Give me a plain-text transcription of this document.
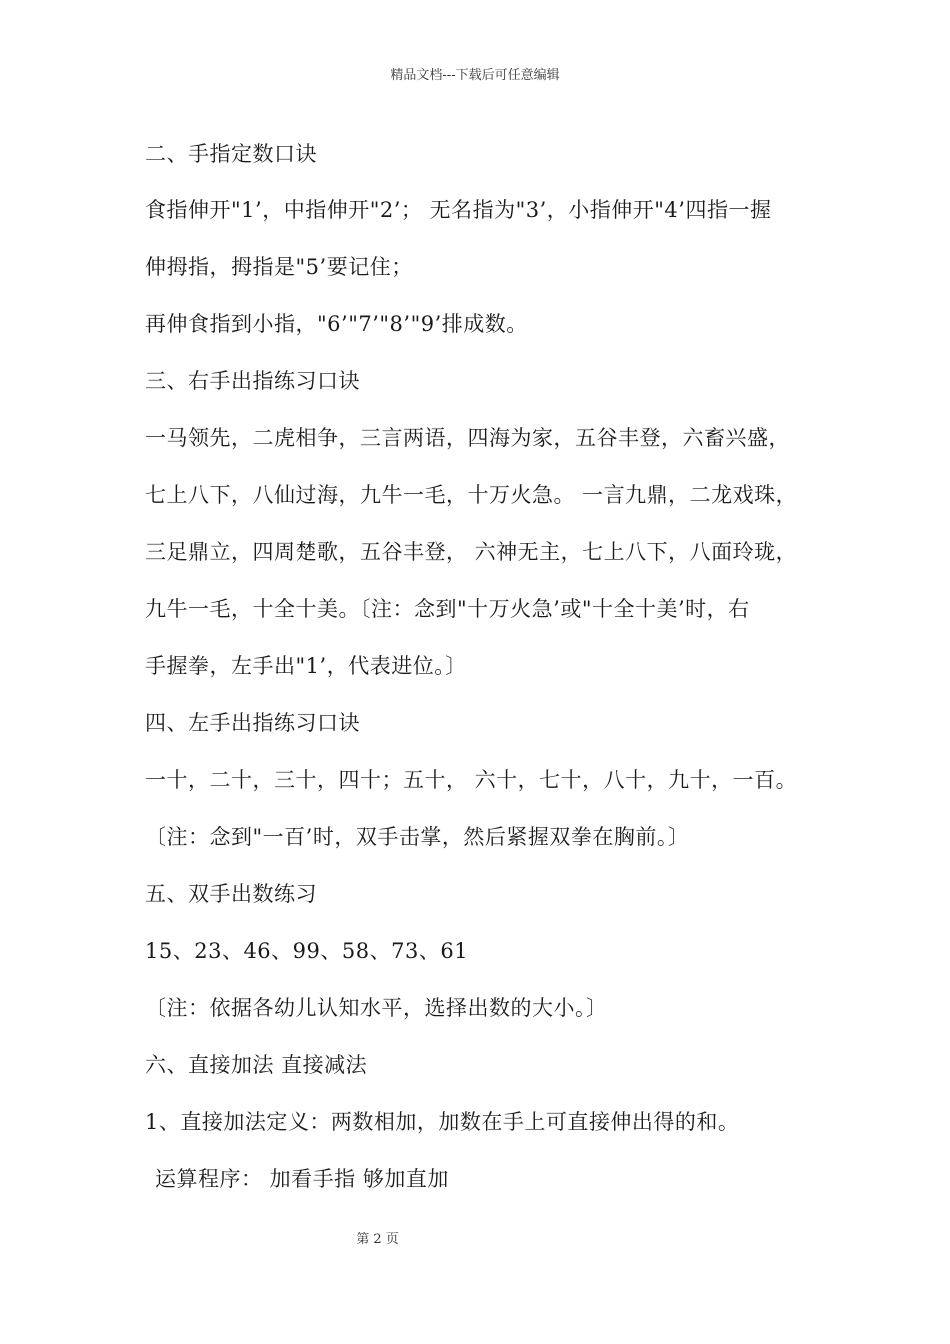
精品文档---下载后可任意编辑
二、手指定数口诀
食指伸开"1’，中指伸开"2’； 无名指为"3’，小指伸开"4’四指一握
伸拇指，拇指是"5’要记住；
再伸食指到小指，"6’"7’"8’"9’排成数。
三、右手出指练习口诀
一马领先，二虎相争，三言两语，四海为家，五谷丰登，六畜兴盛，
七上八下，八仙过海，九牛一毛，十万火急。 一言九鼎，二龙戏珠，
三足鼎立，四周楚歌，五谷丰登， 六神无主，七上八下，八面玲珑，
九牛一毛，十全十美。〔注：念到"十万火急’或"十全十美’时，右
手握拳，左手出"1’，代表进位。〕
四、左手出指练习口诀
一十，二十，三十，四十；五十， 六十，七十，八十，九十，一百。
〔注：念到"一百’时，双手击掌，然后紧握双拳在胸前。〕
五、双手出数练习
15、23、46、99、58、73、61
〔注：依据各幼儿认知水平，选择出数的大小。〕
六、直接加法 直接减法
1、直接加法定义：两数相加，加数在手上可直接伸出得的和。
运算程序： 加看手指 够加直加
第 2 页
